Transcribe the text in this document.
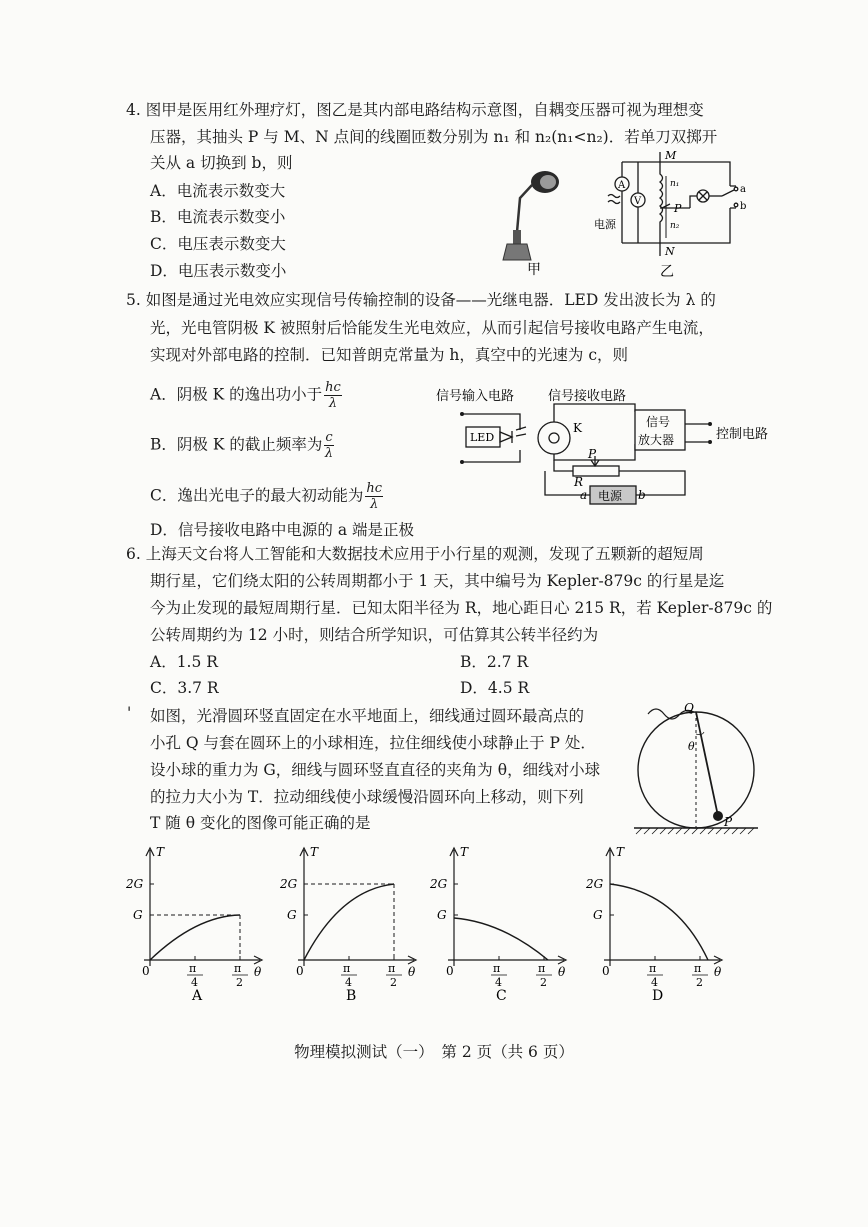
4. 图甲是医用红外理疗灯，图乙是其内部电路结构示意图，自耦变压器可视为理想变
压器，其抽头 P 与 M、N 点间的线圈匝数分别为 n₁ 和 n₂(n₁<n₂)．若单刀双掷开
关从 a 切换到 b，则
A．电流表示数变大
B．电流表示数变小
C．电压表示数变大
D．电压表示数变小	甲
A
V
M
N
P
n₁
n₂
a
b
电源
乙
5. 如图是通过光电效应实现信号传输控制的设备——光继电器．LED 发出波长为 λ 的
光，光电管阴极 K 被照射后恰能发生光电效应，从而引起信号接收电路产生电流，
实现对外部电路的控制．已知普朗克常量为 h，真空中的光速为 c，则
A．阴极 K 的逸出功小于 $\frac{hc}{\lambda}$
B．阴极 K 的截止频率为 $\frac{c}{\lambda}$
C．逸出光电子的最大初动能为 $\frac{hc}{\lambda}$
D．信号接收电路中电源的 a 端是正极
信号输入电路	信号接收电路
LED
K	信号
放大器	控制电路
P
R
a 电源 b
6. 上海天文台将人工智能和大数据技术应用于小行星的观测，发现了五颗新的超短周
期行星，它们绕太阳的公转周期都小于 1 天，其中编号为 Kepler-879c 的行星是迄
今为止发现的最短周期行星．已知太阳半径为 R，地心距日心 215 R，若 Kepler-879c 的
公转周期约为 12 小时，则结合所学知识，可估算其公转半径约为
A．1.5 R	B．2.7 R
C．3.7 R	D．4.5 R
' 如图，光滑圆环竖直固定在水平地面上，细线通过圆环最高点的
小孔 Q 与套在圆环上的小球相连，拉住细线使小球静止于 P 处．
设小球的重力为 G，细线与圆环竖直直径的夹角为 θ，细线对小球
的拉力大小为 T．拉动细线使小球缓慢沿圆环向上移动，则下列
T 随 θ 变化的图像可能正确的是
Q
P
θ
T
2G
G
0	π
4
π
2
θ
A
T
2G
G
0	π
4
π
2
θ
B
T
2G
G
0	π
4
π
2
θ
C
T
2G
G
0	π
4
π
2
θ
D
物理模拟测试（一）　第 2 页（共 6 页）
